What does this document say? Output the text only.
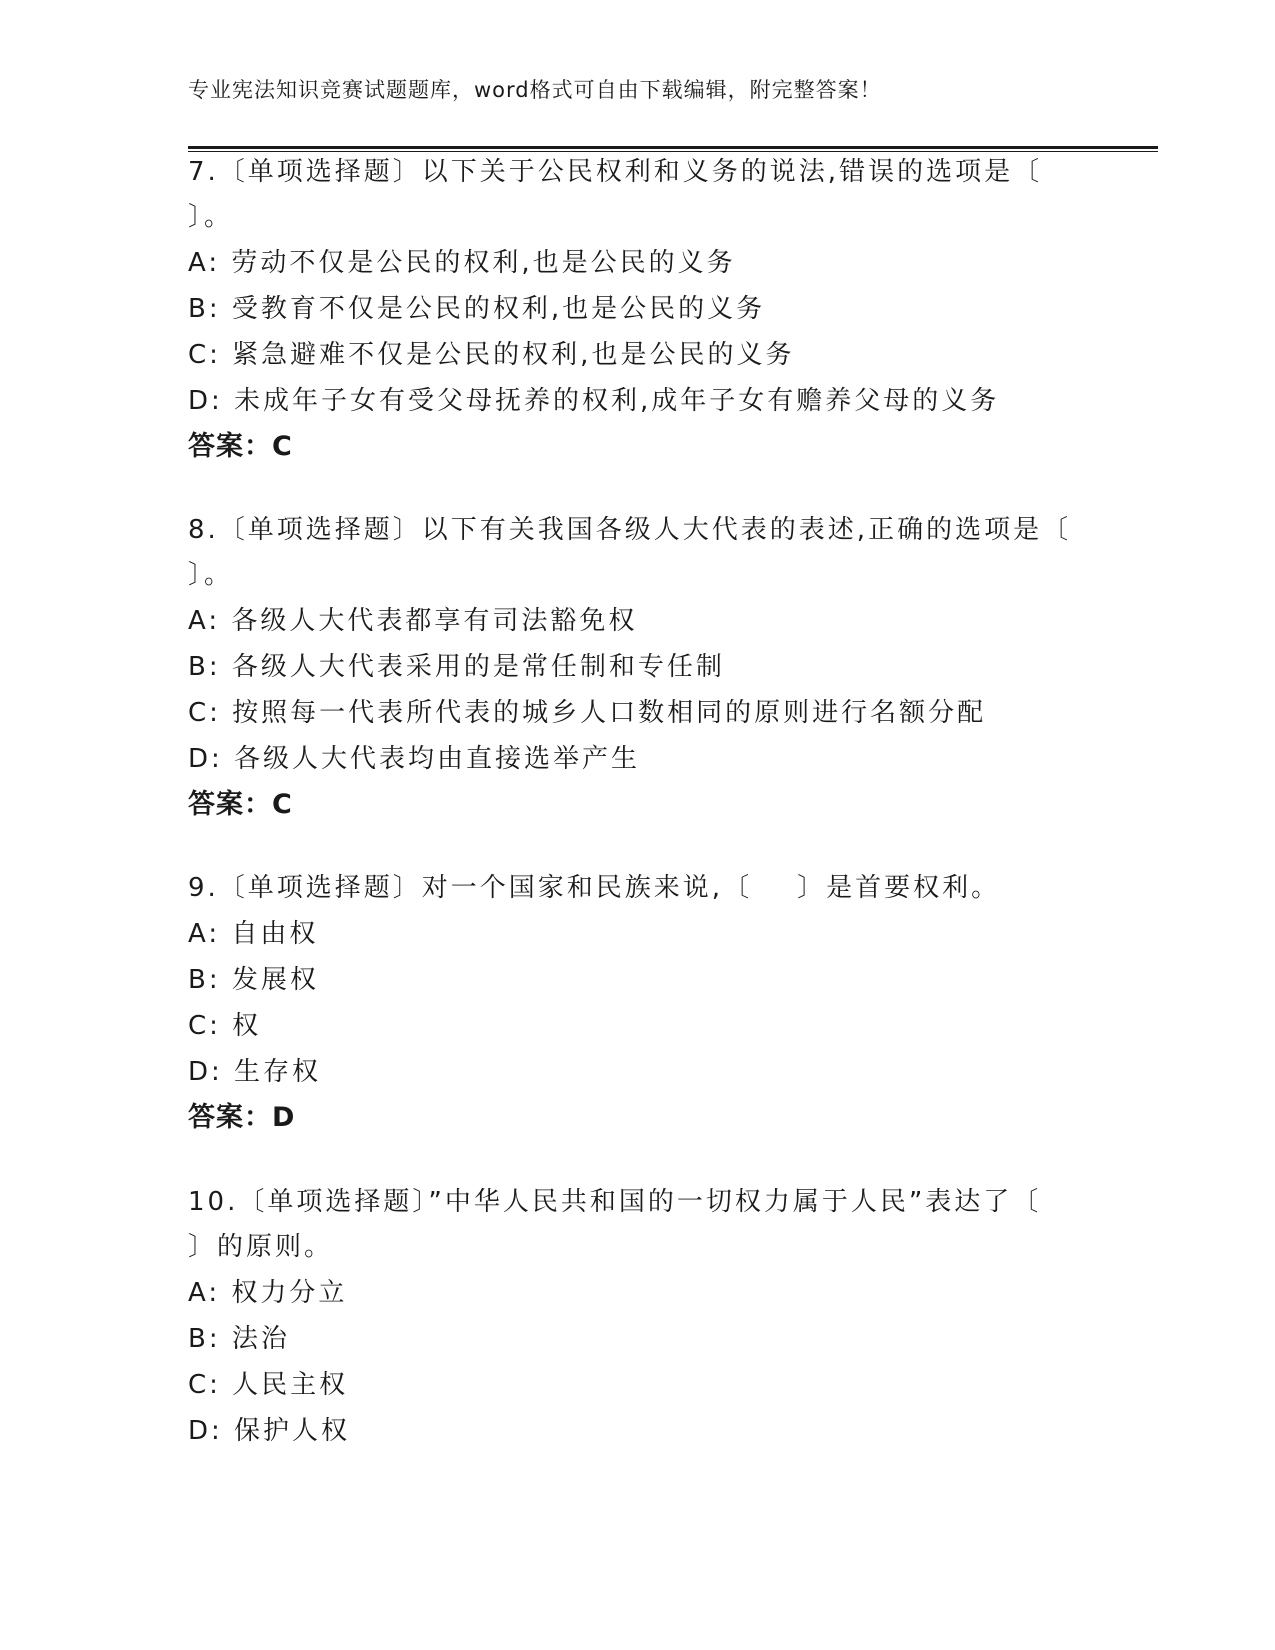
专业宪法知识竞赛试题题库，word格式可自由下载编辑，附完整答案！
7.〔单项选择题〕以下关于公民权利和义务的说法,错误的选项是〔
〕。
A: 劳动不仅是公民的权利,也是公民的义务
B: 受教育不仅是公民的权利,也是公民的义务
C: 紧急避难不仅是公民的权利,也是公民的义务
D: 未成年子女有受父母抚养的权利,成年子女有赡养父母的义务
答案：C
8.〔单项选择题〕以下有关我国各级人大代表的表述,正确的选项是〔
〕。
A: 各级人大代表都享有司法豁免权
B: 各级人大代表采用的是常任制和专任制
C: 按照每一代表所代表的城乡人口数相同的原则进行名额分配
D: 各级人大代表均由直接选举产生
答案：C
9.〔单项选择题〕对一个国家和民族来说,〔    〕是首要权利。
A: 自由权
B: 发展权
C: 权
D: 生存权
答案：D
10.〔单项选择题〕”中华人民共和国的一切权力属于人民”表达了〔
〕的原则。
A: 权力分立
B: 法治
C: 人民主权
D: 保护人权
